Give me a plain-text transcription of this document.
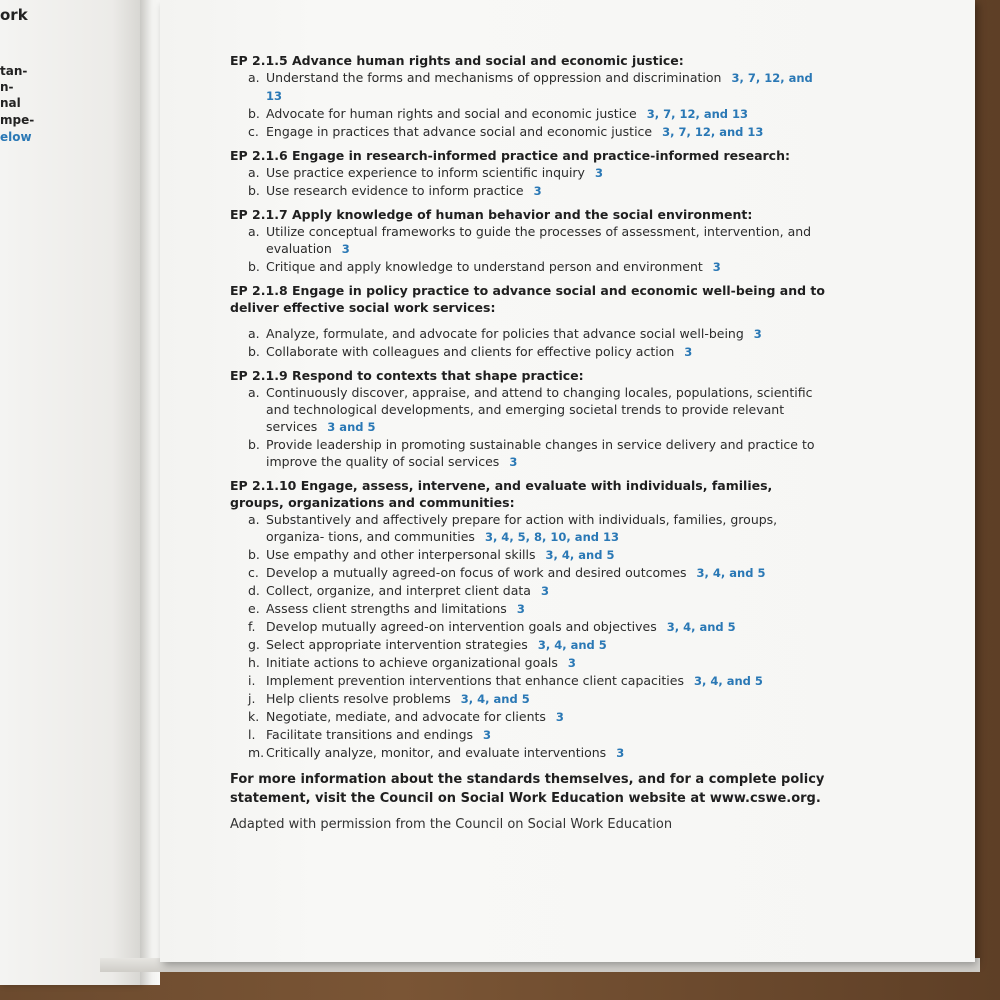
ork
tan-
n-
nal
mpe-
elow
EP 2.1.5 Advance human rights and social and economic justice:
a. Understand the forms and mechanisms of oppression and discrimination 3, 7, 12, and 13
b. Advocate for human rights and social and economic justice 3, 7, 12, and 13
c. Engage in practices that advance social and economic justice 3, 7, 12, and 13
EP 2.1.6 Engage in research-informed practice and practice-informed research:
a. Use practice experience to inform scientific inquiry 3
b. Use research evidence to inform practice 3
EP 2.1.7 Apply knowledge of human behavior and the social environment:
a. Utilize conceptual frameworks to guide the processes of assessment, intervention, and evaluation 3
b. Critique and apply knowledge to understand person and environment 3
EP 2.1.8 Engage in policy practice to advance social and economic well-being and to deliver effective social work services:
a. Analyze, formulate, and advocate for policies that advance social well-being 3
b. Collaborate with colleagues and clients for effective policy action 3
EP 2.1.9 Respond to contexts that shape practice:
a. Continuously discover, appraise, and attend to changing locales, populations, scientific and technological developments, and emerging societal trends to provide relevant services 3 and 5
b. Provide leadership in promoting sustainable changes in service delivery and practice to improve the quality of social services 3
EP 2.1.10 Engage, assess, intervene, and evaluate with individuals, families, groups, organizations and communities:
a. Substantively and affectively prepare for action with individuals, families, groups, organiza- tions, and communities 3, 4, 5, 8, 10, and 13
b. Use empathy and other interpersonal skills 3, 4, and 5
c. Develop a mutually agreed-on focus of work and desired outcomes 3, 4, and 5
d. Collect, organize, and interpret client data 3
e. Assess client strengths and limitations 3
f. Develop mutually agreed-on intervention goals and objectives 3, 4, and 5
g. Select appropriate intervention strategies 3, 4, and 5
h. Initiate actions to achieve organizational goals 3
i. Implement prevention interventions that enhance client capacities 3, 4, and 5
j. Help clients resolve problems 3, 4, and 5
k. Negotiate, mediate, and advocate for clients 3
l. Facilitate transitions and endings 3
m. Critically analyze, monitor, and evaluate interventions 3
For more information about the standards themselves, and for a complete policy statement, visit the Council on Social Work Education website at www.cswe.org.
Adapted with permission from the Council on Social Work Education
